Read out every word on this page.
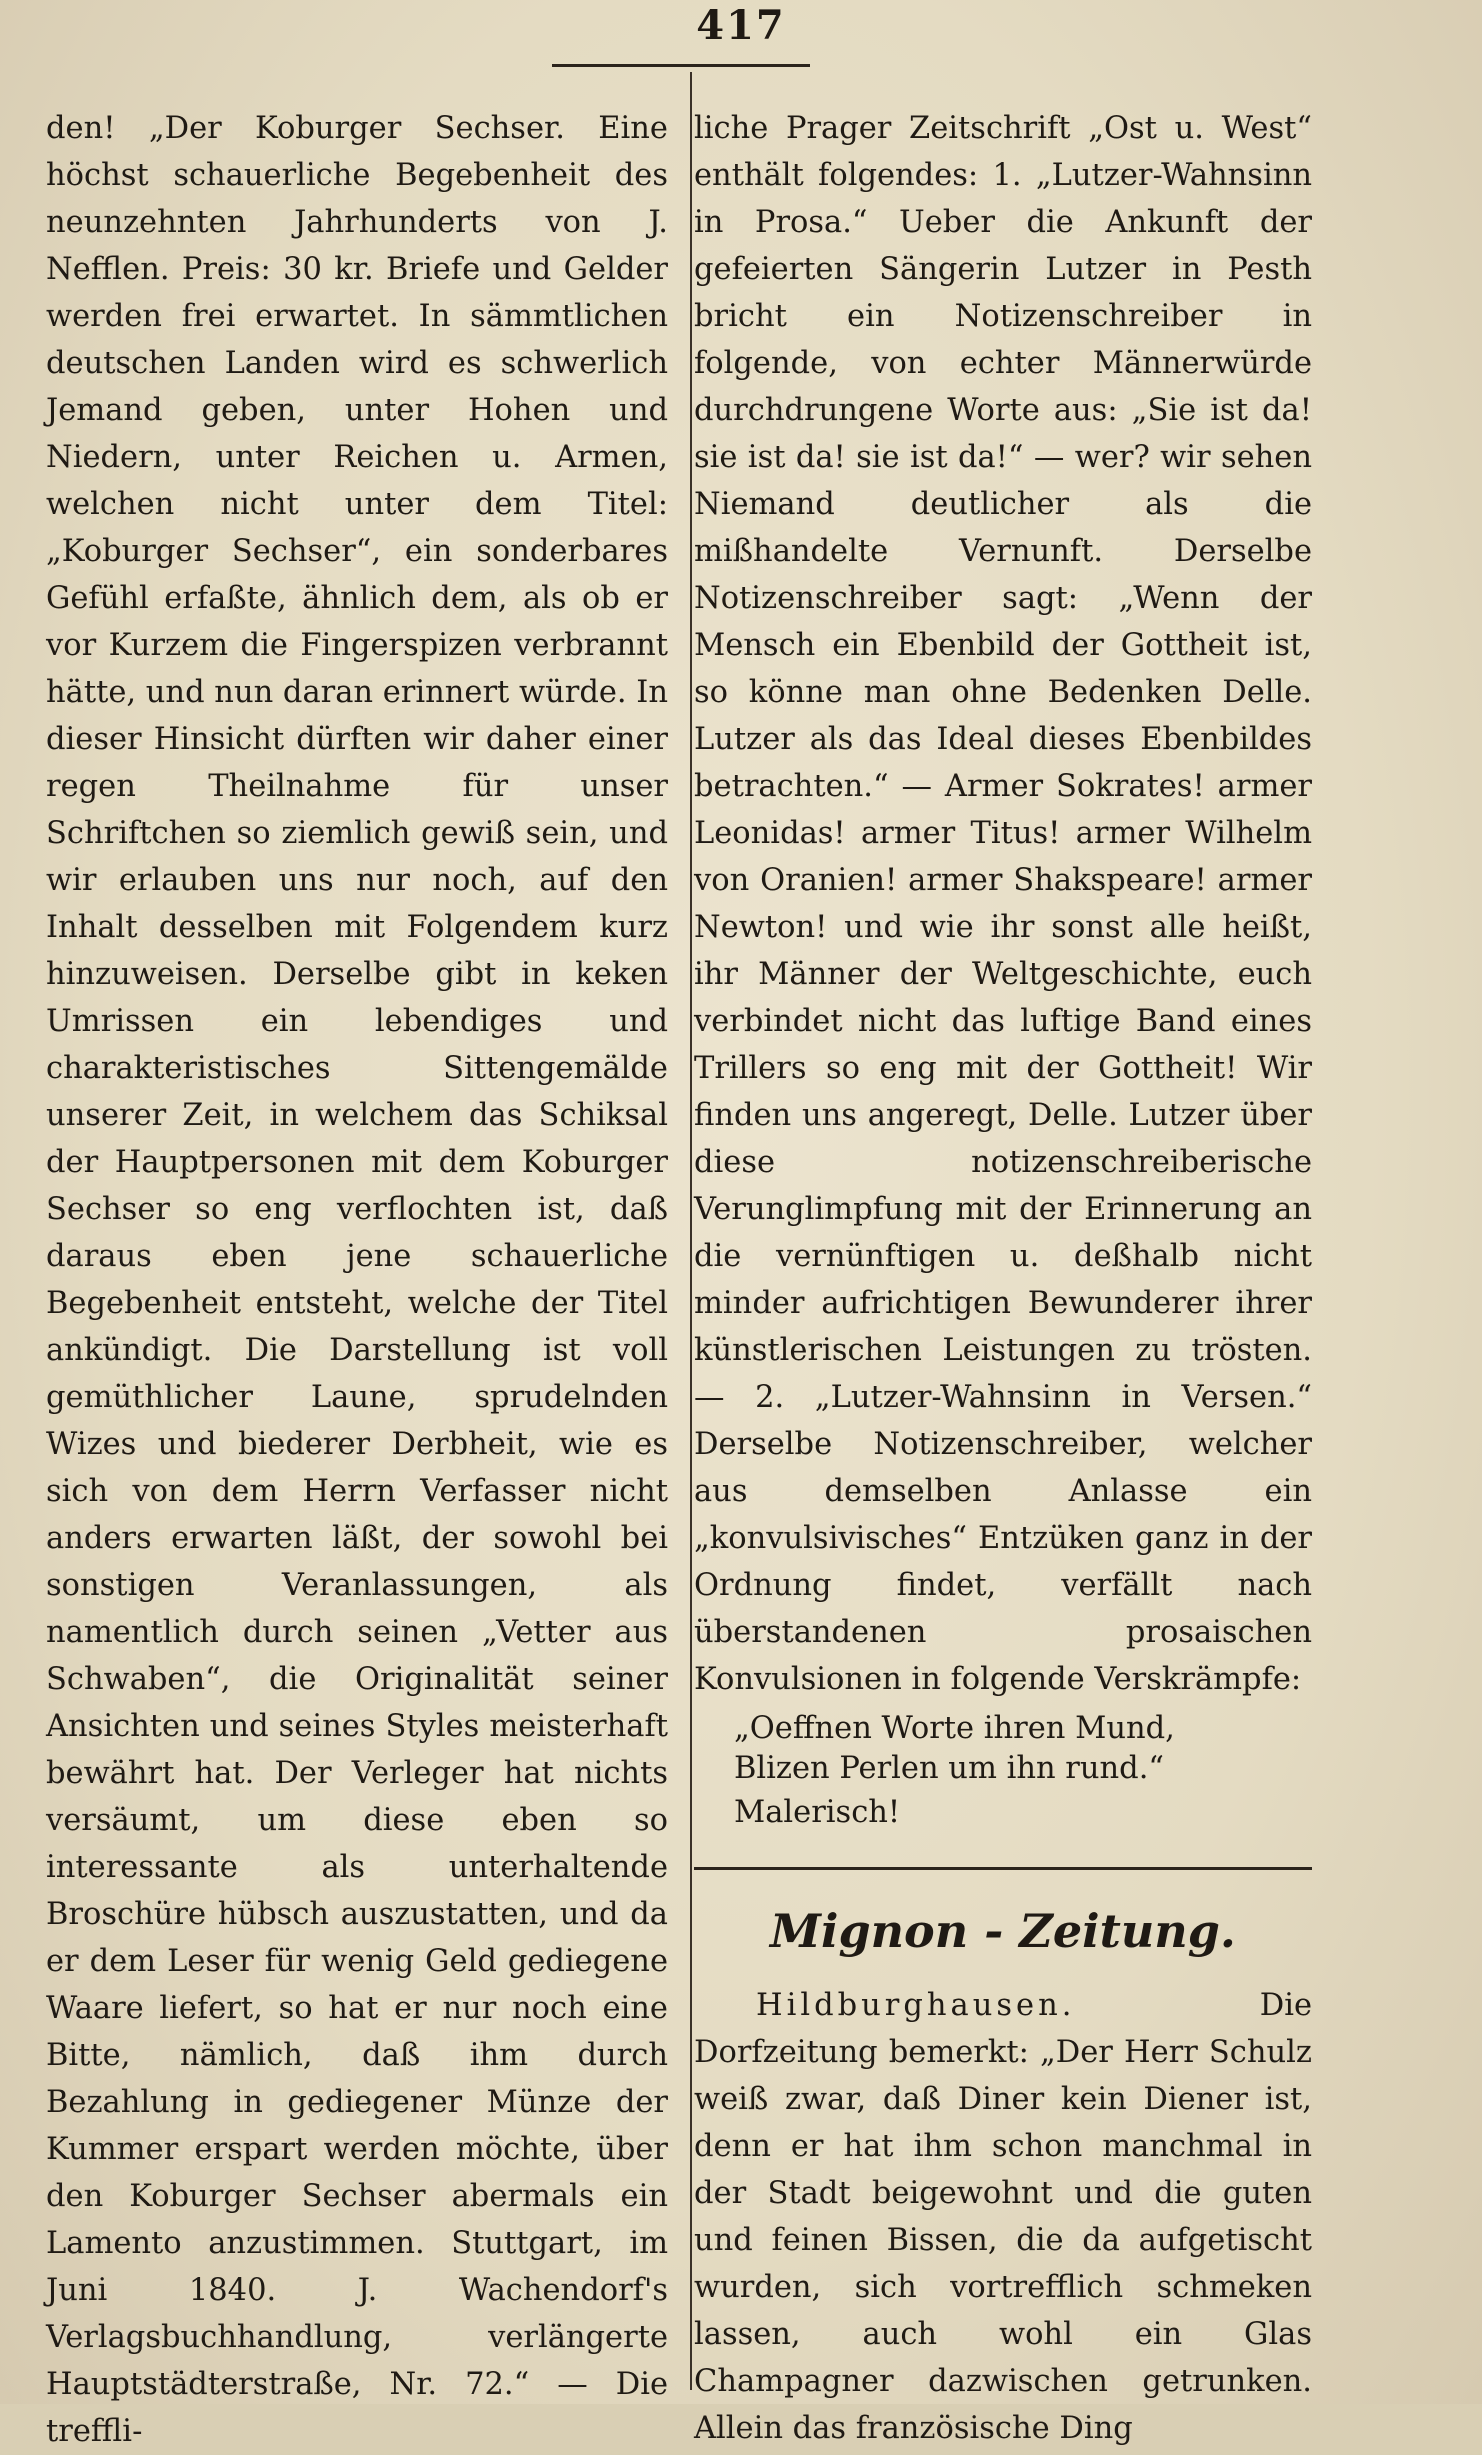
417

den! „Der Koburger Sechser. Eine höchst schauerliche Begebenheit des neunzehnten Jahrhunderts von J. Nefflen. Preis: 30 kr. Briefe und Gelder werden frei erwartet. In sämmtlichen deutschen Landen wird es schwerlich Jemand geben, unter Hohen und Niedern, unter Reichen u. Armen, welchen nicht unter dem Titel: „Koburger Sechser“, ein sonderbares Gefühl erfaßte, ähnlich dem, als ob er vor Kurzem die Fingerspizen verbrannt hätte, und nun daran erinnert würde. In dieser Hinsicht dürften wir daher einer regen Theilnahme für unser Schriftchen so ziemlich gewiß sein, und wir erlauben uns nur noch, auf den Inhalt desselben mit Folgendem kurz hinzuweisen. Derselbe gibt in keken Umrissen ein lebendiges und charakteristisches Sittengemälde unserer Zeit, in welchem das Schiksal der Hauptpersonen mit dem Koburger Sechser so eng verflochten ist, daß daraus eben jene schauerliche Begebenheit entsteht, welche der Titel ankündigt. Die Darstellung ist voll gemüthlicher Laune, sprudelnden Wizes und biederer Derbheit, wie es sich von dem Herrn Verfasser nicht anders erwarten läßt, der sowohl bei sonstigen Veranlassungen, als namentlich durch seinen „Vetter aus Schwaben“, die Originalität seiner Ansichten und seines Styles meisterhaft bewährt hat. Der Verleger hat nichts versäumt, um diese eben so interessante als unterhaltende Broschüre hübsch auszustatten, und da er dem Leser für wenig Geld gediegene Waare liefert, so hat er nur noch eine Bitte, nämlich, daß ihm durch Bezahlung in gediegener Münze der Kummer erspart werden möchte, über den Koburger Sechser abermals ein Lamento anzustimmen. Stuttgart, im Juni 1840. J. Wachendorf's Verlagsbuchhandlung, verlängerte Hauptstädterstraße, Nr. 72.“ — Die treffli-

liche Prager Zeitschrift „Ost u. West“ enthält folgendes: 1. „Lutzer-Wahnsinn in Prosa.“ Ueber die Ankunft der gefeierten Sängerin Lutzer in Pesth bricht ein Notizenschreiber in folgende, von echter Männerwürde durchdrungene Worte aus: „Sie ist da! sie ist da! sie ist da!“ — wer? wir sehen Niemand deutlicher als die mißhandelte Vernunft. Derselbe Notizenschreiber sagt: „Wenn der Mensch ein Ebenbild der Gottheit ist, so könne man ohne Bedenken Delle. Lutzer als das Ideal dieses Ebenbildes betrachten.“ — Armer Sokrates! armer Leonidas! armer Titus! armer Wilhelm von Oranien! armer Shakspeare! armer Newton! und wie ihr sonst alle heißt, ihr Männer der Weltgeschichte, euch verbindet nicht das luftige Band eines Trillers so eng mit der Gottheit! Wir finden uns angeregt, Delle. Lutzer über diese notizenschreiberische Verunglimpfung mit der Erinnerung an die vernünftigen u. deßhalb nicht minder aufrichtigen Bewunderer ihrer künstlerischen Leistungen zu trösten. — 2. „Lutzer-Wahnsinn in Versen.“ Derselbe Notizenschreiber, welcher aus demselben Anlasse ein „konvulsivisches“ Entzüken ganz in der Ordnung findet, verfällt nach überstandenen prosaischen Konvulsionen in folgende Verskrämpfe:

„Oeffnen Worte ihren Mund,
Blizen Perlen um ihn rund.“
Malerisch!
Mignon - Zeitung.

Hildburghausen. Die Dorfzeitung bemerkt: „Der Herr Schulz weiß zwar, daß Diner kein Diener ist, denn er hat ihm schon manchmal in der Stadt beigewohnt und die guten und feinen Bissen, die da aufgetischt wurden, sich vortrefflich schmeken lassen, auch wohl ein Glas Champagner dazwischen getrunken. Allein das französische Ding
